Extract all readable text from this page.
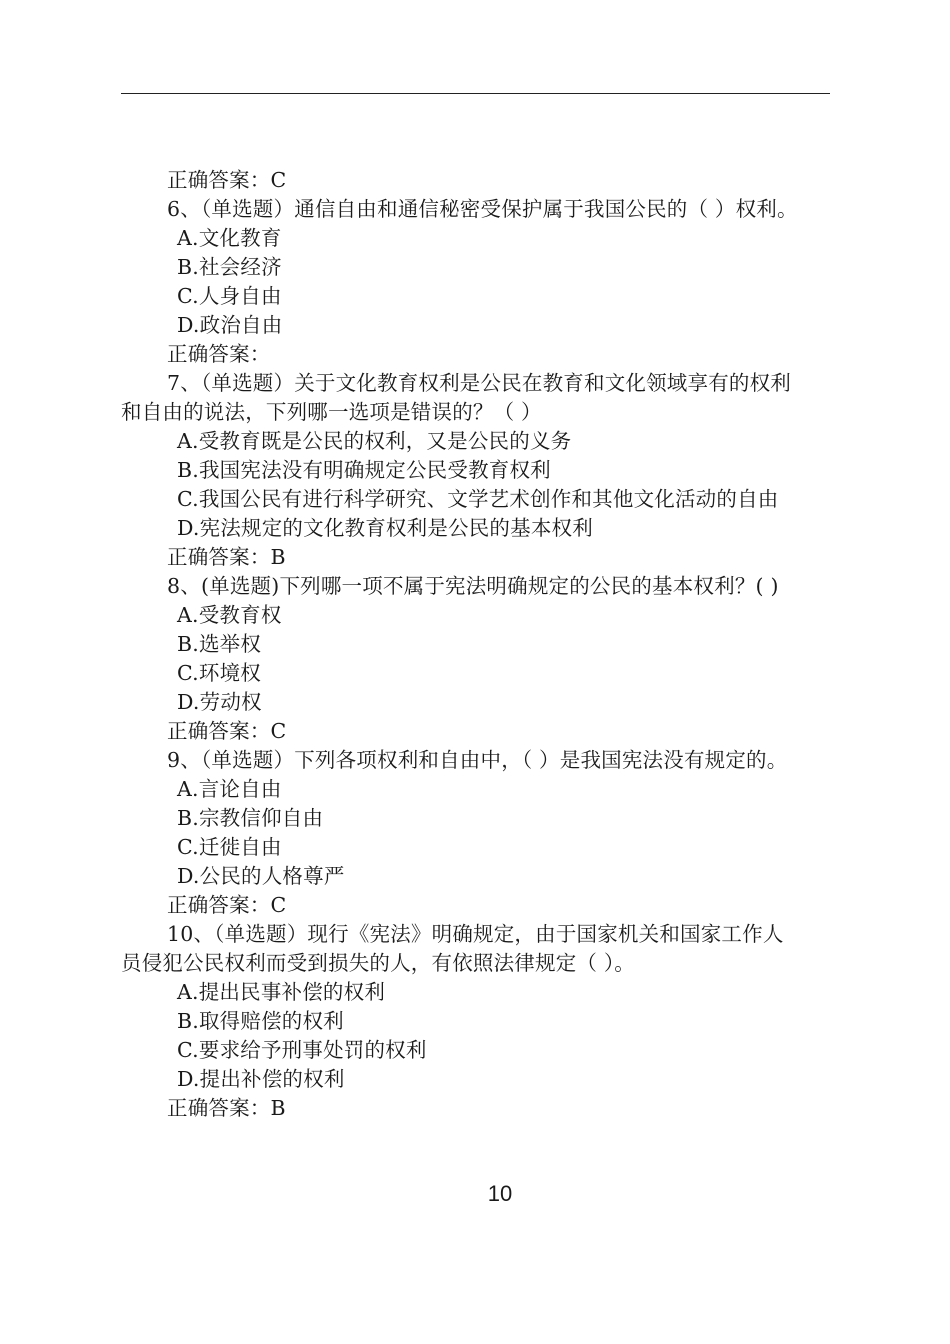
正确答案：C
6、（单选题）通信自由和通信秘密受保护属于我国公民的（ ）权利。
A.文化教育
B.社会经济
C.人身自由
D.政治自由
正确答案：
7、（单选题）关于文化教育权利是公民在教育和文化领域享有的权利
和自由的说法，下列哪一选项是错误的？（ ）
A.受教育既是公民的权利，又是公民的义务
B.我国宪法没有明确规定公民受教育权利
C.我国公民有进行科学研究、文学艺术创作和其他文化活动的自由
D.宪法规定的文化教育权利是公民的基本权利
正确答案：B
8、(单选题)下列哪一项不属于宪法明确规定的公民的基本权利？( )
A.受教育权
B.选举权
C.环境权
D.劳动权
正确答案：C
9、（单选题）下列各项权利和自由中，（ ）是我国宪法没有规定的。
A.言论自由
B.宗教信仰自由
C.迁徙自由
D.公民的人格尊严
正确答案：C
10、（单选题）现行《宪法》明确规定，由于国家机关和国家工作人
员侵犯公民权利而受到损失的人，有依照法律规定（ ）。
A.提出民事补偿的权利
B.取得赔偿的权利
C.要求给予刑事处罚的权利
D.提出补偿的权利
正确答案：B
10
